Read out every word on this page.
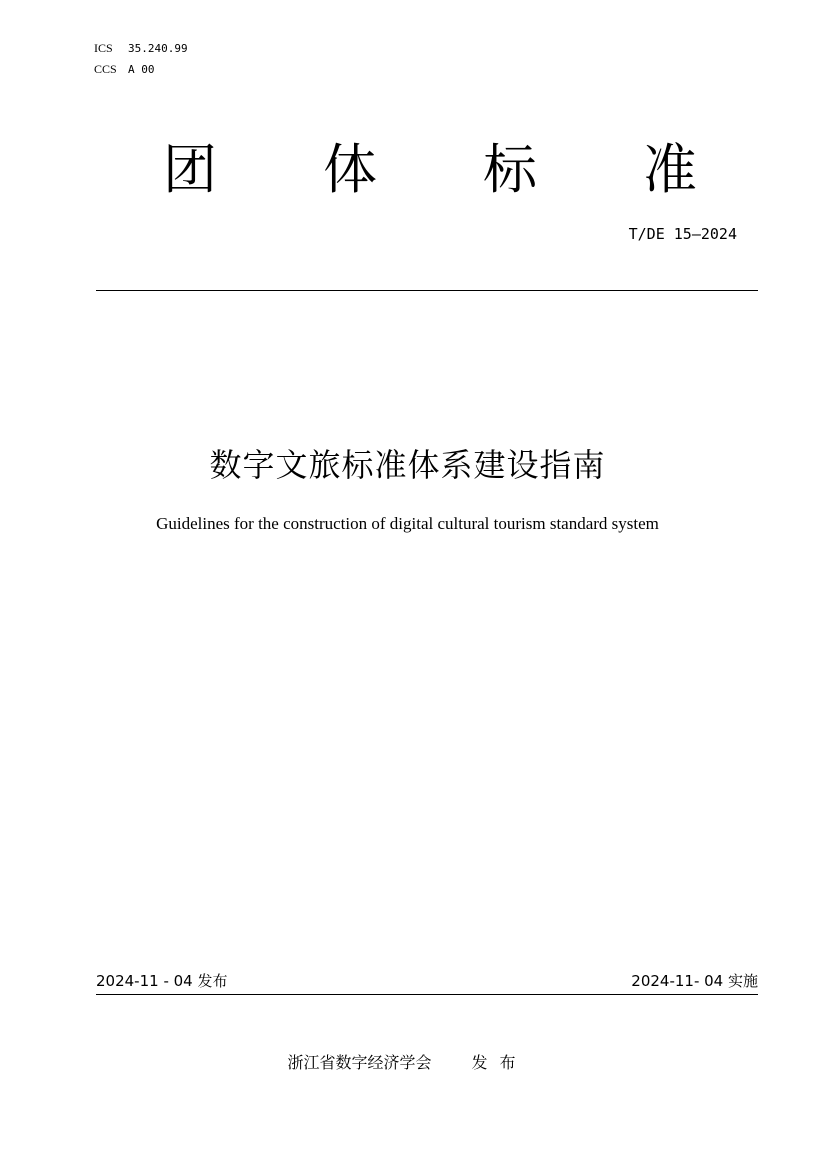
ICS 35.240.99
CCS A 00
团 体 标 准
T/DE 15—2024
数字文旅标准体系建设指南
Guidelines for the construction of digital cultural tourism standard system
2024-11 - 04 发布	2024-11- 04 实施
浙江省数字经济学会	发布
